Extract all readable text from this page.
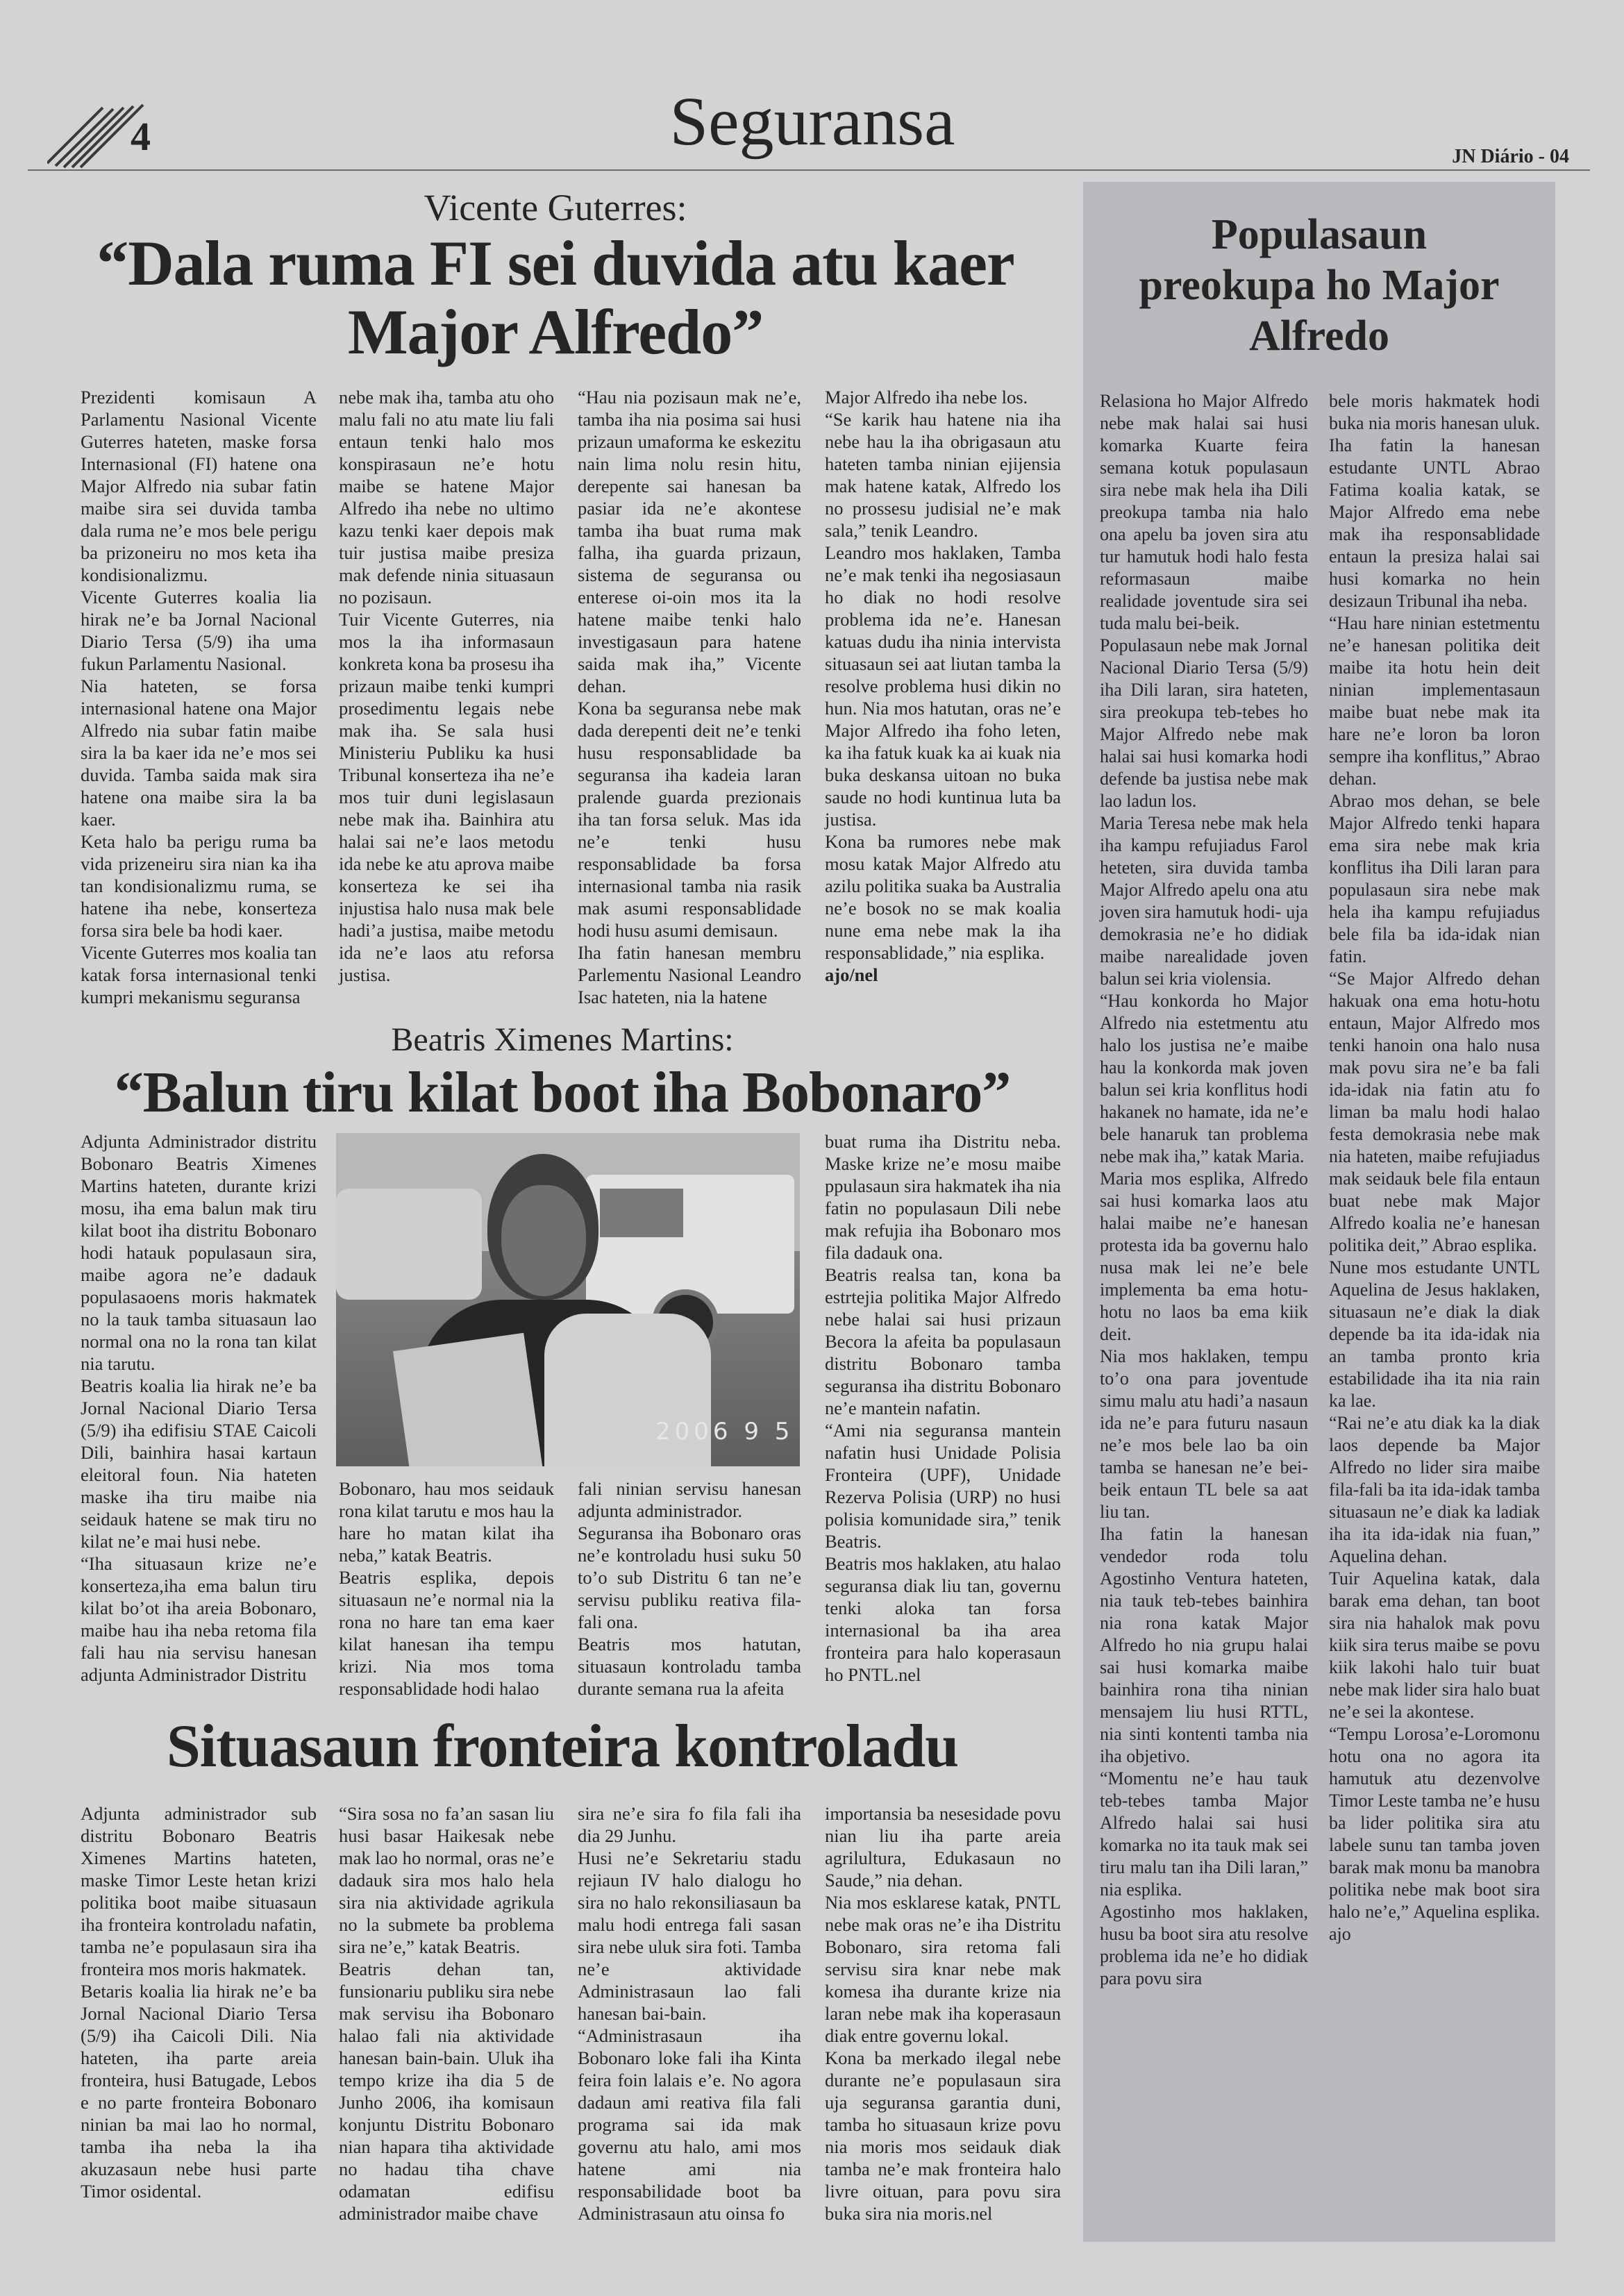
4	Seguransa	JN Diário - 04
Vicente Guterres:
“Dala ruma FI sei duvida atu kaer
Major Alfredo”

Prezidenti komisaun A Parlamentu Nasional Vicente Guterres hateten, maske forsa Internasional (FI) hatene ona Major Alfredo nia subar fatin maibe sira sei duvida tamba dala ruma ne’e mos bele perigu ba prizoneiru no mos keta iha kondisionalizmu.

Vicente Guterres koalia lia hirak ne’e ba Jornal Nacional Diario Tersa (5/9) iha uma fukun Parlamentu Nasional.

Nia hateten, se forsa internasional hatene ona Major Alfredo nia subar fatin maibe sira la ba kaer ida ne’e mos sei duvida. Tamba saida mak sira hatene ona maibe sira la ba kaer.

Keta halo ba perigu ruma ba vida prizeneiru sira nian ka iha tan kondisionalizmu ruma, se hatene iha nebe, konserteza forsa sira bele ba hodi kaer.

Vicente Guterres mos koalia tan katak forsa internasional tenki kumpri mekanismu seguransa

nebe mak iha, tamba atu oho malu fali no atu mate liu fali entaun tenki halo mos konspirasaun ne’e hotu maibe se hatene Major Alfredo iha nebe no ultimo kazu tenki kaer depois mak tuir justisa maibe presiza mak defende ninia situasaun no pozisaun.

Tuir Vicente Guterres, nia mos la iha informasaun konkreta kona ba prosesu iha prizaun maibe tenki kumpri prosedimentu legais nebe mak iha. Se sala husi Ministeriu Publiku ka husi Tribunal konserteza iha ne’e mos tuir duni legislasaun nebe mak iha. Bainhira atu halai sai ne’e laos metodu ida nebe ke atu aprova maibe konserteza ke sei iha injustisa halo nusa mak bele hadi’a justisa, maibe metodu ida ne’e laos atu reforsa justisa.

“Hau nia pozisaun mak ne’e, tamba iha nia posima sai husi prizaun umaforma ke eskezitu nain lima nolu resin hitu, derepente sai hanesan ba pasiar ida ne’e akontese tamba iha buat ruma mak falha, iha guarda prizaun, sistema de seguransa ou enterese oi-oin mos ita la hatene maibe tenki halo investigasaun para hatene saida mak iha,” Vicente dehan.

Kona ba seguransa nebe mak dada derepenti deit ne’e tenki husu responsablidade ba seguransa iha kadeia laran pralende guarda prezionais iha tan forsa seluk. Mas ida ne’e tenki husu responsablidade ba forsa internasional tamba nia rasik mak asumi responsablidade hodi husu asumi demisaun.

Iha fatin hanesan membru Parlementu Nasional Leandro Isac hateten, nia la hatene

Major Alfredo iha nebe los.

“Se karik hau hatene nia iha nebe hau la iha obrigasaun atu hateten tamba ninian ejijensia mak hatene katak, Alfredo los no prossesu judisial ne’e mak sala,” tenik Leandro.

Leandro mos haklaken, Tamba ne’e mak tenki iha negosiasaun ho diak no hodi resolve problema ida ne’e. Hanesan katuas dudu iha ninia intervista situasaun sei aat liutan tamba la resolve problema husi dikin no hun. Nia mos hatutan, oras ne’e Major Alfredo iha foho leten, ka iha fatuk kuak ka ai kuak nia buka deskansa uitoan no buka saude no hodi kuntinua luta ba justisa.

Kona ba rumores nebe mak mosu katak Major Alfredo atu azilu politika suaka ba Australia ne’e bosok no se mak koalia nune ema nebe mak la iha responsablidade,” nia esplika.

ajo/nel

Beatris Ximenes Martins:
“Balun tiru kilat boot iha Bobonaro”

Adjunta Administrador distritu Bobonaro Beatris Ximenes Martins hateten, durante krizi mosu, iha ema balun mak tiru kilat boot iha distritu Bobonaro hodi hatauk populasaun sira, maibe agora ne’e dadauk populasaoens moris hakmatek no la tauk tamba situasaun lao normal ona no la rona tan kilat nia tarutu.

Beatris koalia lia hirak ne’e ba Jornal Nacional Diario Tersa (5/9) iha edifisiu STAE Caicoli Dili, bainhira hasai kartaun eleitoral foun. Nia hateten maske iha tiru maibe nia seidauk hatene se mak tiru no kilat ne’e mai husi nebe.

“Iha situasaun krize ne’e konserteza,iha ema balun tiru kilat bo’ot iha areia Bobonaro, maibe hau iha neba retoma fila fali hau nia servisu hanesan adjunta Administrador Distritu

2006 9 5

Bobonaro, hau mos seidauk rona kilat tarutu e mos hau la hare ho matan kilat iha neba,” katak Beatris.

Beatris esplika, depois situasaun ne’e normal nia la rona no hare tan ema kaer kilat hanesan iha tempu krizi. Nia mos toma responsablidade hodi halao

fali ninian servisu hanesan adjunta administrador.

Seguransa iha Bobonaro oras ne’e kontroladu husi suku 50 to’o sub Distritu 6 tan ne’e servisu publiku reativa fila-fali ona.

Beatris mos hatutan, situasaun kontroladu tamba durante semana rua la afeita

buat ruma iha Distritu neba. Maske krize ne’e mosu maibe ppulasaun sira hakmatek iha nia fatin no populasaun Dili nebe mak refujia iha Bobonaro mos fila dadauk ona.

Beatris realsa tan, kona ba estrtejia politika Major Alfredo nebe halai sai husi prizaun Becora la afeita ba populasaun distritu Bobonaro tamba seguransa iha distritu Bobonaro ne’e mantein nafatin.

“Ami nia seguransa mantein nafatin husi Unidade Polisia Fronteira (UPF), Unidade Rezerva Polisia (URP) no husi polisia komunidade sira,” tenik Beatris.

Beatris mos haklaken, atu halao seguransa diak liu tan, governu tenki aloka tan forsa internasional ba iha area fronteira para halo koperasaun ho PNTL.nel

Situasaun fronteira kontroladu

Adjunta administrador sub distritu Bobonaro Beatris Ximenes Martins hateten, maske Timor Leste hetan krizi politika boot maibe situasaun iha fronteira kontroladu nafatin, tamba ne’e populasaun sira iha fronteira mos moris hakmatek.

Betaris koalia lia hirak ne’e ba Jornal Nacional Diario Tersa (5/9) iha Caicoli Dili. Nia hateten, iha parte areia fronteira, husi Batugade, Lebos e no parte fronteira Bobonaro ninian ba mai lao ho normal, tamba iha neba la iha akuzasaun nebe husi parte Timor osidental.

“Sira sosa no fa’an sasan liu husi basar Haikesak nebe mak lao ho normal, oras ne’e dadauk sira mos halo hela sira nia aktividade agrikula no la submete ba problema sira ne’e,” katak Beatris.

Beatris dehan tan, funsionariu publiku sira nebe mak servisu iha Bobonaro halao fali nia aktividade hanesan bain-bain. Uluk iha tempo krize iha dia 5 de Junho 2006, iha komisaun konjuntu Distritu Bobonaro nian hapara tiha aktividade no hadau tiha chave odamatan edifisu administrador maibe chave

sira ne’e sira fo fila fali iha dia 29 Junhu.

Husi ne’e Sekretariu stadu rejiaun IV halo dialogu ho sira no halo rekonsiliasaun ba malu hodi entrega fali sasan sira nebe uluk sira foti. Tamba ne’e aktividade Administrasaun lao fali hanesan bai-bain.

“Administrasaun iha Bobonaro loke fali iha Kinta feira foin lalais e’e. No agora dadaun ami reativa fila fali programa sai ida mak governu atu halo, ami mos hatene ami nia responsabilidade boot ba Administrasaun atu oinsa fo

importansia ba nesesidade povu nian liu iha parte areia agrilultura, Edukasaun no Saude,” nia dehan.

Nia mos esklarese katak, PNTL nebe mak oras ne’e iha Distritu Bobonaro, sira retoma fali servisu sira knar nebe mak komesa iha durante krize nia laran nebe mak iha koperasaun diak entre governu lokal.

Kona ba merkado ilegal nebe durante ne’e populasaun sira uja seguransa garantia duni, tamba ho situasaun krize povu nia moris mos seidauk diak tamba ne’e mak fronteira halo livre oituan, para povu sira buka sira nia moris.nel

Populasaun
preokupa ho Major
Alfredo

Relasiona ho Major Alfredo nebe mak halai sai husi komarka Kuarte feira semana kotuk populasaun sira nebe mak hela iha Dili preokupa tamba nia halo ona apelu ba joven sira atu tur hamutuk hodi halo festa reformasaun maibe realidade joventude sira sei tuda malu bei-beik.

Populasaun nebe mak Jornal Nacional Diario Tersa (5/9) iha Dili laran, sira hateten, sira preokupa teb-tebes ho Major Alfredo nebe mak halai sai husi komarka hodi defende ba justisa nebe mak lao ladun los.

Maria Teresa nebe mak hela iha kampu refujiadus Farol heteten, sira duvida tamba Major Alfredo apelu ona atu joven sira hamutuk hodi- uja demokrasia ne’e ho didiak maibe narealidade joven balun sei kria violensia.

“Hau konkorda ho Major Alfredo nia estetmentu atu halo los justisa ne’e maibe hau la konkorda mak joven balun sei kria konflitus hodi hakanek no hamate, ida ne’e bele hanaruk tan problema nebe mak iha,” katak Maria.

Maria mos esplika, Alfredo sai husi komarka laos atu halai maibe ne’e hanesan protesta ida ba governu halo nusa mak lei ne’e bele implementa ba ema hotu-hotu no laos ba ema kiik deit.

Nia mos haklaken, tempu to’o ona para joventude simu malu atu hadi’a nasaun ida ne’e para futuru nasaun ne’e mos bele lao ba oin tamba se hanesan ne’e bei-beik entaun TL bele sa aat liu tan.

Iha fatin la hanesan vendedor roda tolu Agostinho Ventura hateten, nia tauk teb-tebes bainhira nia rona katak Major Alfredo ho nia grupu halai sai husi komarka maibe bainhira rona tiha ninian mensajem liu husi RTTL, nia sinti kontenti tamba nia iha objetivo.

“Momentu ne’e hau tauk teb-tebes tamba Major Alfredo halai sai husi komarka no ita tauk mak sei tiru malu tan iha Dili laran,” nia esplika.

Agostinho mos haklaken, husu ba boot sira atu resolve problema ida ne’e ho didiak para povu sira

bele moris hakmatek hodi buka nia moris hanesan uluk.

Iha fatin la hanesan estudante UNTL Abrao Fatima koalia katak, se Major Alfredo ema nebe mak iha responsablidade entaun la presiza halai sai husi komarka no hein desizaun Tribunal iha neba.

“Hau hare ninian estetmentu ne’e hanesan politika deit maibe ita hotu hein deit ninian implementasaun maibe buat nebe mak ita hare ne’e loron ba loron sempre iha konflitus,” Abrao dehan.

Abrao mos dehan, se bele Major Alfredo tenki hapara ema sira nebe mak kria konflitus iha Dili laran para populasaun sira nebe mak hela iha kampu refujiadus bele fila ba ida-idak nian fatin.

“Se Major Alfredo dehan hakuak ona ema hotu-hotu entaun, Major Alfredo mos tenki hanoin ona halo nusa mak povu sira ne’e ba fali ida-idak nia fatin atu fo liman ba malu hodi halao festa demokrasia nebe mak nia hateten, maibe refujiadus mak seidauk bele fila entaun buat nebe mak Major Alfredo koalia ne’e hanesan politika deit,” Abrao esplika.

Nune mos estudante UNTL Aquelina de Jesus haklaken, situasaun ne’e diak la diak depende ba ita ida-idak nia an tamba pronto kria estabilidade iha ita nia rain ka lae.

“Rai ne’e atu diak ka la diak laos depende ba Major Alfredo no lider sira maibe fila-fali ba ita ida-idak tamba situasaun ne’e diak ka ladiak iha ita ida-idak nia fuan,” Aquelina dehan.

Tuir Aquelina katak, dala barak ema dehan, tan boot sira nia hahalok mak povu kiik sira terus maibe se povu kiik lakohi halo tuir buat nebe mak lider sira halo buat ne’e sei la akontese.

“Tempu Lorosa’e-Loromonu hotu ona no agora ita hamutuk atu dezenvolve Timor Leste tamba ne’e husu ba lider politika sira atu labele sunu tan tamba joven barak mak monu ba manobra politika nebe mak boot sira halo ne’e,” Aquelina esplika. ajo
